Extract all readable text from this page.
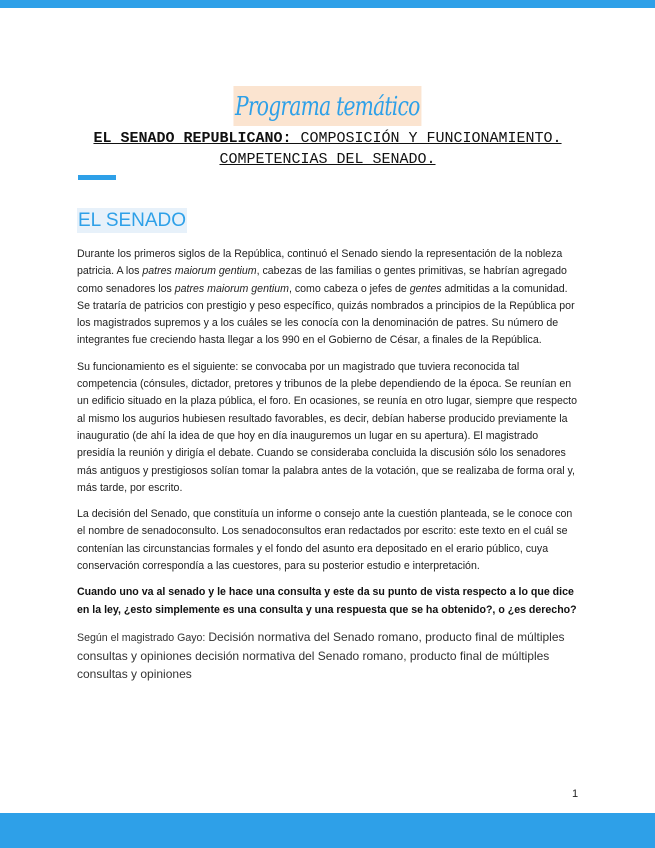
Programa temático
EL SENADO REPUBLICANO: COMPOSICIÓN Y FUNCIONAMIENTO. COMPETENCIAS DEL SENADO.
EL SENADO

Durante los primeros siglos de la República, continuó el Senado siendo la representación de la nobleza patricia. A los patres maiorum gentium, cabezas de las familias o gentes primitivas, se habrían agregado como senadores los patres maiorum gentium, como cabeza o jefes de gentes admitidas a la comunidad. Se trataría de patricios con prestigio y peso específico, quizás nombrados a principios de la República por los magistrados supremos y a los cuáles se les conocía con la denominación de patres. Su número de integrantes fue creciendo hasta llegar a los 990 en el Gobierno de César, a finales de la República.

Su funcionamiento es el siguiente: se convocaba por un magistrado que tuviera reconocida tal competencia (cónsules, dictador, pretores y tribunos de la plebe dependiendo de la época. Se reunían en un edificio situado en la plaza pública, el foro. En ocasiones, se reunía en otro lugar, siempre que respecto al mismo los augurios hubiesen resultado favorables, es decir, debían haberse producido previamente la inauguratio (de ahí la idea de que hoy en día inauguremos un lugar en su apertura). El magistrado presidía la reunión y dirigía el debate. Cuando se consideraba concluida la discusión sólo los senadores más antiguos y prestigiosos solían tomar la palabra antes de la votación, que se realizaba de forma oral y, más tarde, por escrito.

La decisión del Senado, que constituía un informe o consejo ante la cuestión planteada, se le conoce con el nombre de senadoconsulto. Los senadoconsultos eran redactados por escrito: este texto en el cuál se contenían las circunstancias formales y el fondo del asunto era depositado en el erario público, cuya conservación correspondía a las cuestores, para su posterior estudio e interpretación.

Cuando uno va al senado y le hace una consulta y este da su punto de vista respecto a lo que dice en la ley, ¿esto simplemente es una consulta y una respuesta que se ha obtenido?, o ¿es derecho?

Según el magistrado Gayo: Decisión normativa del Senado romano, producto final de múltiples consultas y opiniones decisión normativa del Senado romano, producto final de múltiples consultas y opiniones

1
